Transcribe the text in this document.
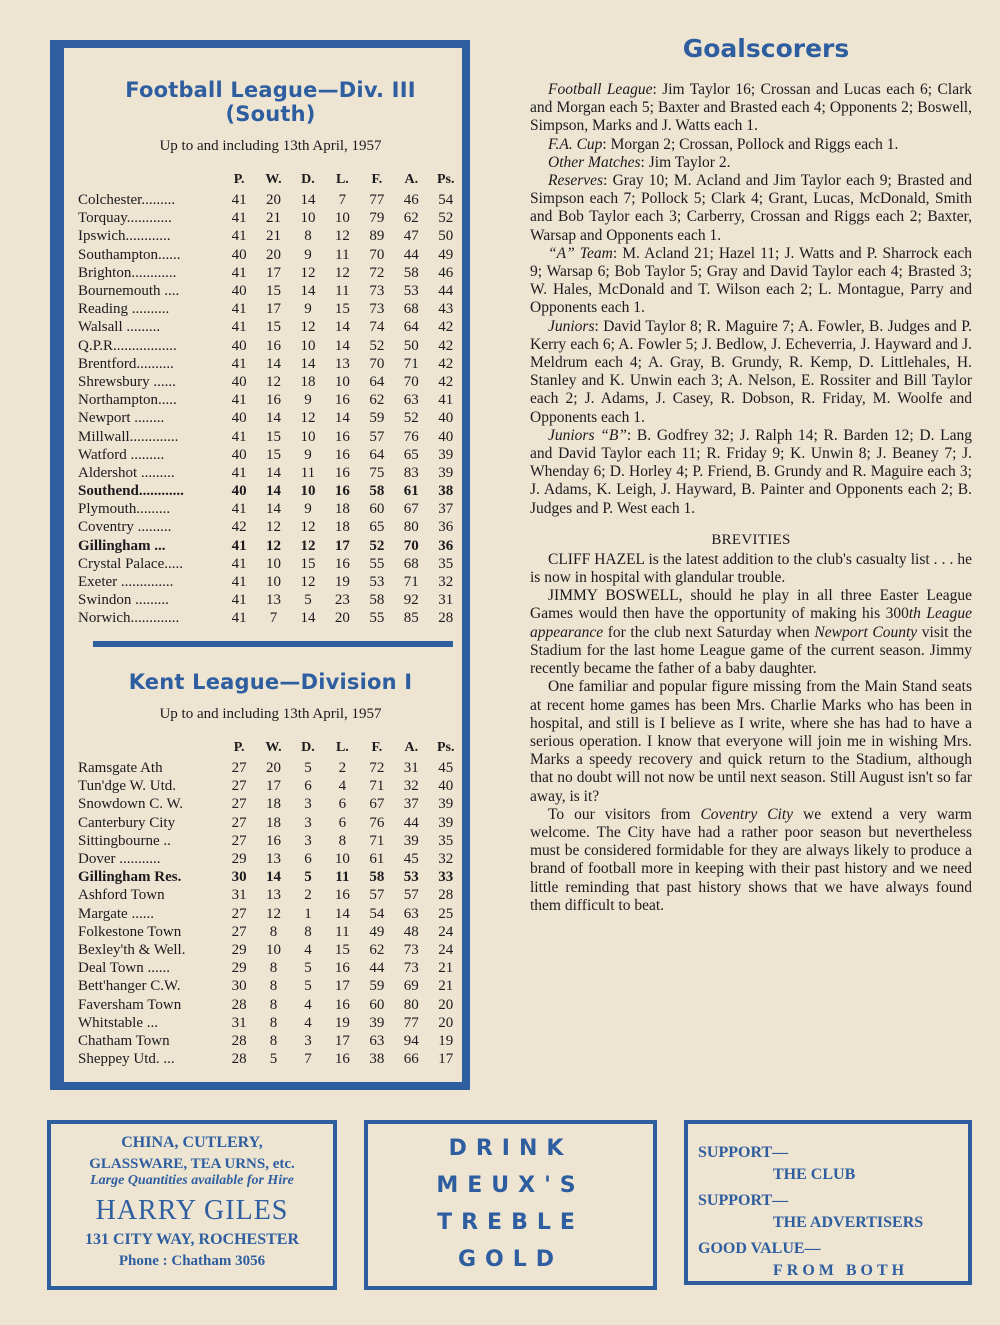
Football League—Div. III (South)
Up to and including 13th April, 1957
	P.	W.	D.	L.	F.	A.	Ps.
Colchester.........	41	20	14	7	77	46	54
Torquay............	41	21	10	10	79	62	52
Ipswich............	41	21	8	12	89	47	50
Southampton......	40	20	9	11	70	44	49
Brighton............	41	17	12	12	72	58	46
Bournemouth ....	40	15	14	11	73	53	44
Reading ..........	41	17	9	15	73	68	43
Walsall .........	41	15	12	14	74	64	42
Q.P.R.................	40	16	10	14	52	50	42
Brentford..........	41	14	14	13	70	71	42
Shrewsbury ......	40	12	18	10	64	70	42
Northampton.....	41	16	9	16	62	63	41
Newport ........	40	14	12	14	59	52	40
Millwall.............	41	15	10	16	57	76	40
Watford .........	40	15	9	16	64	65	39
Aldershot .........	41	14	11	16	75	83	39
Southend............	40	14	10	16	58	61	38
Plymouth.........	41	14	9	18	60	67	37
Coventry .........	42	12	12	18	65	80	36
Gillingham ...	41	12	12	17	52	70	36
Crystal Palace.....	41	10	15	16	55	68	35
Exeter ..............	41	10	12	19	53	71	32
Swindon .........	41	13	5	23	58	92	31
Norwich.............	41	7	14	20	55	85	28
Kent League—Division I
Up to and including 13th April, 1957
	P.	W.	D.	L.	F.	A.	Ps.
Ramsgate Ath	27	20	5	2	72	31	45
Tun'dge W. Utd.	27	17	6	4	71	32	40
Snowdown C. W.	27	18	3	6	67	37	39
Canterbury City	27	18	3	6	76	44	39
Sittingbourne ..	27	16	3	8	71	39	35
Dover ...........	29	13	6	10	61	45	32
Gillingham Res.	30	14	5	11	58	53	33
Ashford Town	31	13	2	16	57	57	28
Margate ......	27	12	1	14	54	63	25
Folkestone Town	27	8	8	11	49	48	24
Bexley'th & Well.	29	10	4	15	62	73	24
Deal Town ......	29	8	5	16	44	73	21
Bett'hanger C.W.	30	8	5	17	59	69	21
Faversham Town	28	8	4	16	60	80	20
Whitstable ...	31	8	4	19	39	77	20
Chatham Town	28	8	3	17	63	94	19
Sheppey Utd. ...	28	5	7	16	38	66	17
Goalscorers

Football League: Jim Taylor 16; Crossan and Lucas each 6; Clark and Morgan each 5; Baxter and Brasted each 4; Opponents 2; Boswell, Simpson, Marks and J. Watts each 1.

F.A. Cup: Morgan 2; Crossan, Pollock and Riggs each 1.

Other Matches: Jim Taylor 2.

Reserves: Gray 10; M. Acland and Jim Taylor each 9; Brasted and Simpson each 7; Pollock 5; Clark 4; Grant, Lucas, McDonald, Smith and Bob Taylor each 3; Carberry, Crossan and Riggs each 2; Baxter, Warsap and Opponents each 1.

“A” Team: M. Acland 21; Hazel 11; J. Watts and P. Sharrock each 9; Warsap 6; Bob Taylor 5; Gray and David Taylor each 4; Brasted 3; W. Hales, McDonald and T. Wilson each 2; L. Montague, Parry and Opponents each 1.

Juniors: David Taylor 8; R. Maguire 7; A. Fowler, B. Judges and P. Kerry each 6; A. Fowler 5; J. Bedlow, J. Echeverria, J. Hayward and J. Meldrum each 4; A. Gray, B. Grundy, R. Kemp, D. Littlehales, H. Stanley and K. Unwin each 3; A. Nelson, E. Rossiter and Bill Taylor each 2; J. Adams, J. Casey, R. Dobson, R. Friday, M. Woolfe and Opponents each 1.

Juniors “B”: B. Godfrey 32; J. Ralph 14; R. Barden 12; D. Lang and David Taylor each 11; R. Friday 9; K. Unwin 8; J. Beaney 7; J. Whenday 6; D. Horley 4; P. Friend, B. Grundy and R. Maguire each 3; J. Adams, K. Leigh, J. Hayward, B. Painter and Opponents each 2; B. Judges and P. West each 1.

BREVITIES

CLIFF HAZEL is the latest addition to the club's casualty list . . . he is now in hospital with glandular trouble.

JIMMY BOSWELL, should he play in all three Easter League Games would then have the opportunity of making his 300th League appearance for the club next Saturday when Newport County visit the Stadium for the last home League game of the current season. Jimmy recently became the father of a baby daughter.

One familiar and popular figure missing from the Main Stand seats at recent home games has been Mrs. Charlie Marks who has been in hospital, and still is I believe as I write, where she has had to have a serious operation. I know that everyone will join me in wishing Mrs. Marks a speedy recovery and quick return to the Stadium, although that no doubt will not now be until next season. Still August isn't so far away, is it?

To our visitors from Coventry City we extend a very warm welcome. The City have had a rather poor season but nevertheless must be considered formidable for they are always likely to produce a brand of football more in keeping with their past history and we need little reminding that past history shows that we have always found them difficult to beat.

CHINA, CUTLERY,
GLASSWARE, TEA URNS, etc.
Large Quantities available for Hire
HARRY GILES
131 CITY WAY, ROCHESTER
Phone : Chatham 3056
DRINK
MEUX'S
TREBLE
GOLD
SUPPORT—
THE CLUB
SUPPORT—
THE ADVERTISERS
GOOD VALUE—
FROM BOTH
